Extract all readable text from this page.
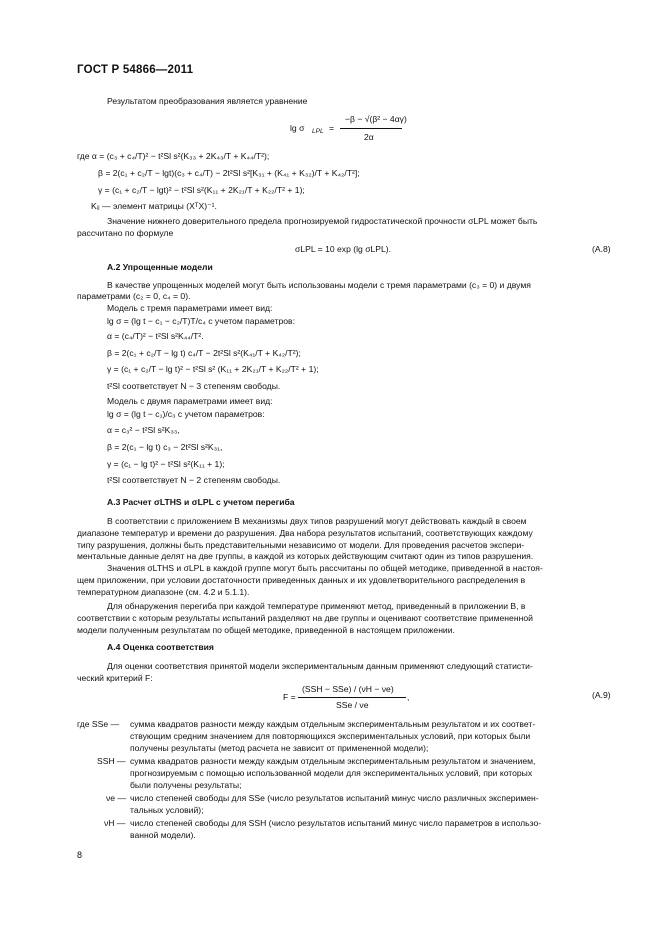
ГОСТ Р 54866—2011
Результатом преобразования является уравнение
lg σ LPL =
−β − √(β² − 4αγ)
2α
где α = (c₃ + c₄/T)² − t²Sl s²(K₃₃ + 2K₄₃/T + K₄₄/T²);
β = 2(c₁ + c₂/T − lgt)(c₃ + c₄/T) − 2t²Sl s²[K₃₁ + (K₄₁ + K₃₂)/T + K₄₂/T²];
γ = (c₁ + c₂/T − lgt)² − t²Sl s²(K₁₁ + 2K₂₁/T + K₂₂/T² + 1);
Kᵢⱼ — элемент матрицы (XᵀX)⁻¹.
Значение нижнего доверительного предела прогнозируемой гидростатической прочности σLPL может быть
рассчитано по формуле
σLPL = 10 exp (lg σLPL).	(A.8)
A.2 Упрощенные модели
В качестве упрощенных моделей могут быть использованы модели с тремя параметрами (c₃ = 0) и двумя
параметрами (c₂ = 0, c₄ = 0).
Модель с тремя параметрами имеет вид:
lg σ = (lg t − c₁ − c₂/T)T/c₄ с учетом параметров:
α = (c₄/T)² − t²Sl s²K₄₄/T².
β = 2(c₁ + c₂/T − lg t) c₄/T − 2t²Sl s²(K₄₁/T + K₄₂/T²);
γ = (c₁ + c₂/T − lg t)² − t²Sl s² (K₁₁ + 2K₂₁/T + K₂₂/T² + 1);
t²Sl соответствует N − 3 степеням свободы.
Модель с двумя параметрами имеет вид:
lg σ = (lg t − c₁)/c₃ с учетом параметров:
α = c₃² − t²Sl s²K₃₃,
β = 2(c₁ − lg t) c₃ − 2t²Sl s²K₃₁,
γ = (c₁ − lg t)² − t²Sl s²(K₁₁ + 1);
t²Sl соответствует N − 2 степеням свободы.
A.3 Расчет σLTHS и σLPL с учетом перегиба
В соответствии с приложением В механизмы двух типов разрушений могут действовать каждый в своем
диапазоне температур и времени до разрушения. Два набора результатов испытаний, соответствующих каждому
типу разрушения, должны быть представительными независимо от модели. Для проведения расчетов экспери-
ментальные данные делят на две группы, в каждой из которых действующим считают один из типов разрушения.
Значения σLTHS и σLPL в каждой группе могут быть рассчитаны по общей методике, приведенной в настоя-
щем приложении, при условии достаточности приведенных данных и их удовлетворительного распределения в
температурном диапазоне (см. 4.2 и 5.1.1).
Для обнаружения перегиба при каждой температуре применяют метод, приведенный в приложении В, в
соответствии с которым результаты испытаний разделяют на две группы и оценивают соответствие примененной
модели полученным результатам по общей методике, приведенной в настоящем приложении.
A.4 Оценка соответствия
Для оценки соответствия принятой модели экспериментальным данным применяют следующий статисти-
ческий критерий F:
F =
(SSH − SSe) / (νH − νe)
SSe / νe
,	(A.9)
где SSe — сумма квадратов разности между каждым отдельным экспериментальным результатом и их соответ-
ствующим средним значением для повторяющихся экспериментальных условий, при которых были
получены результаты (метод расчета не зависит от примененной модели);
SSH — сумма квадратов разности между каждым отдельным экспериментальным результатом и значением,
прогнозируемым с помощью использованной модели для экспериментальных условий, при которых
были получены результаты;
νe — число степеней свободы для SSe (число результатов испытаний минус число различных эксперимен-
тальных условий);
νH — число степеней свободы для SSH (число результатов испытаний минус число параметров в использо-
ванной модели).
8
